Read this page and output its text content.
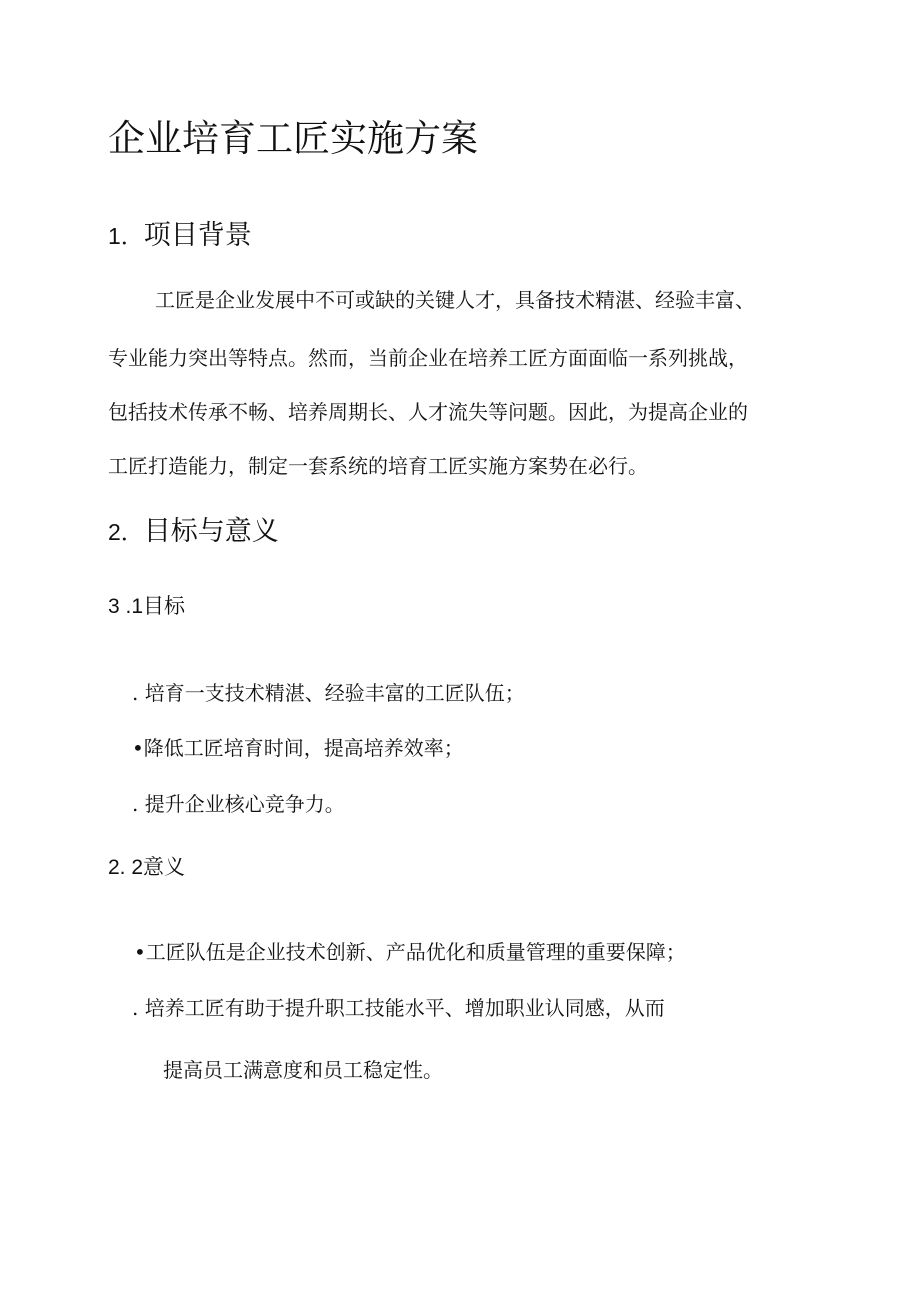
企业培育工匠实施方案
1．项目背景
工匠是企业发展中不可或缺的关键人才，具备技术精湛、经验丰富、
专业能力突出等特点。然而，当前企业在培养工匠方面面临一系列挑战，
包括技术传承不畅、培养周期长、人才流失等问题。因此，为提高企业的
工匠打造能力，制定一套系统的培育工匠实施方案势在必行。
2．目标与意义
3 .1目标
. 培育一支技术精湛、经验丰富的工匠队伍；
•降低工匠培育时间，提高培养效率；
. 提升企业核心竞争力。
2. 2意义
•工匠队伍是企业技术创新、产品优化和质量管理的重要保障；
. 培养工匠有助于提升职工技能水平、增加职业认同感，从而
提高员工满意度和员工稳定性。
